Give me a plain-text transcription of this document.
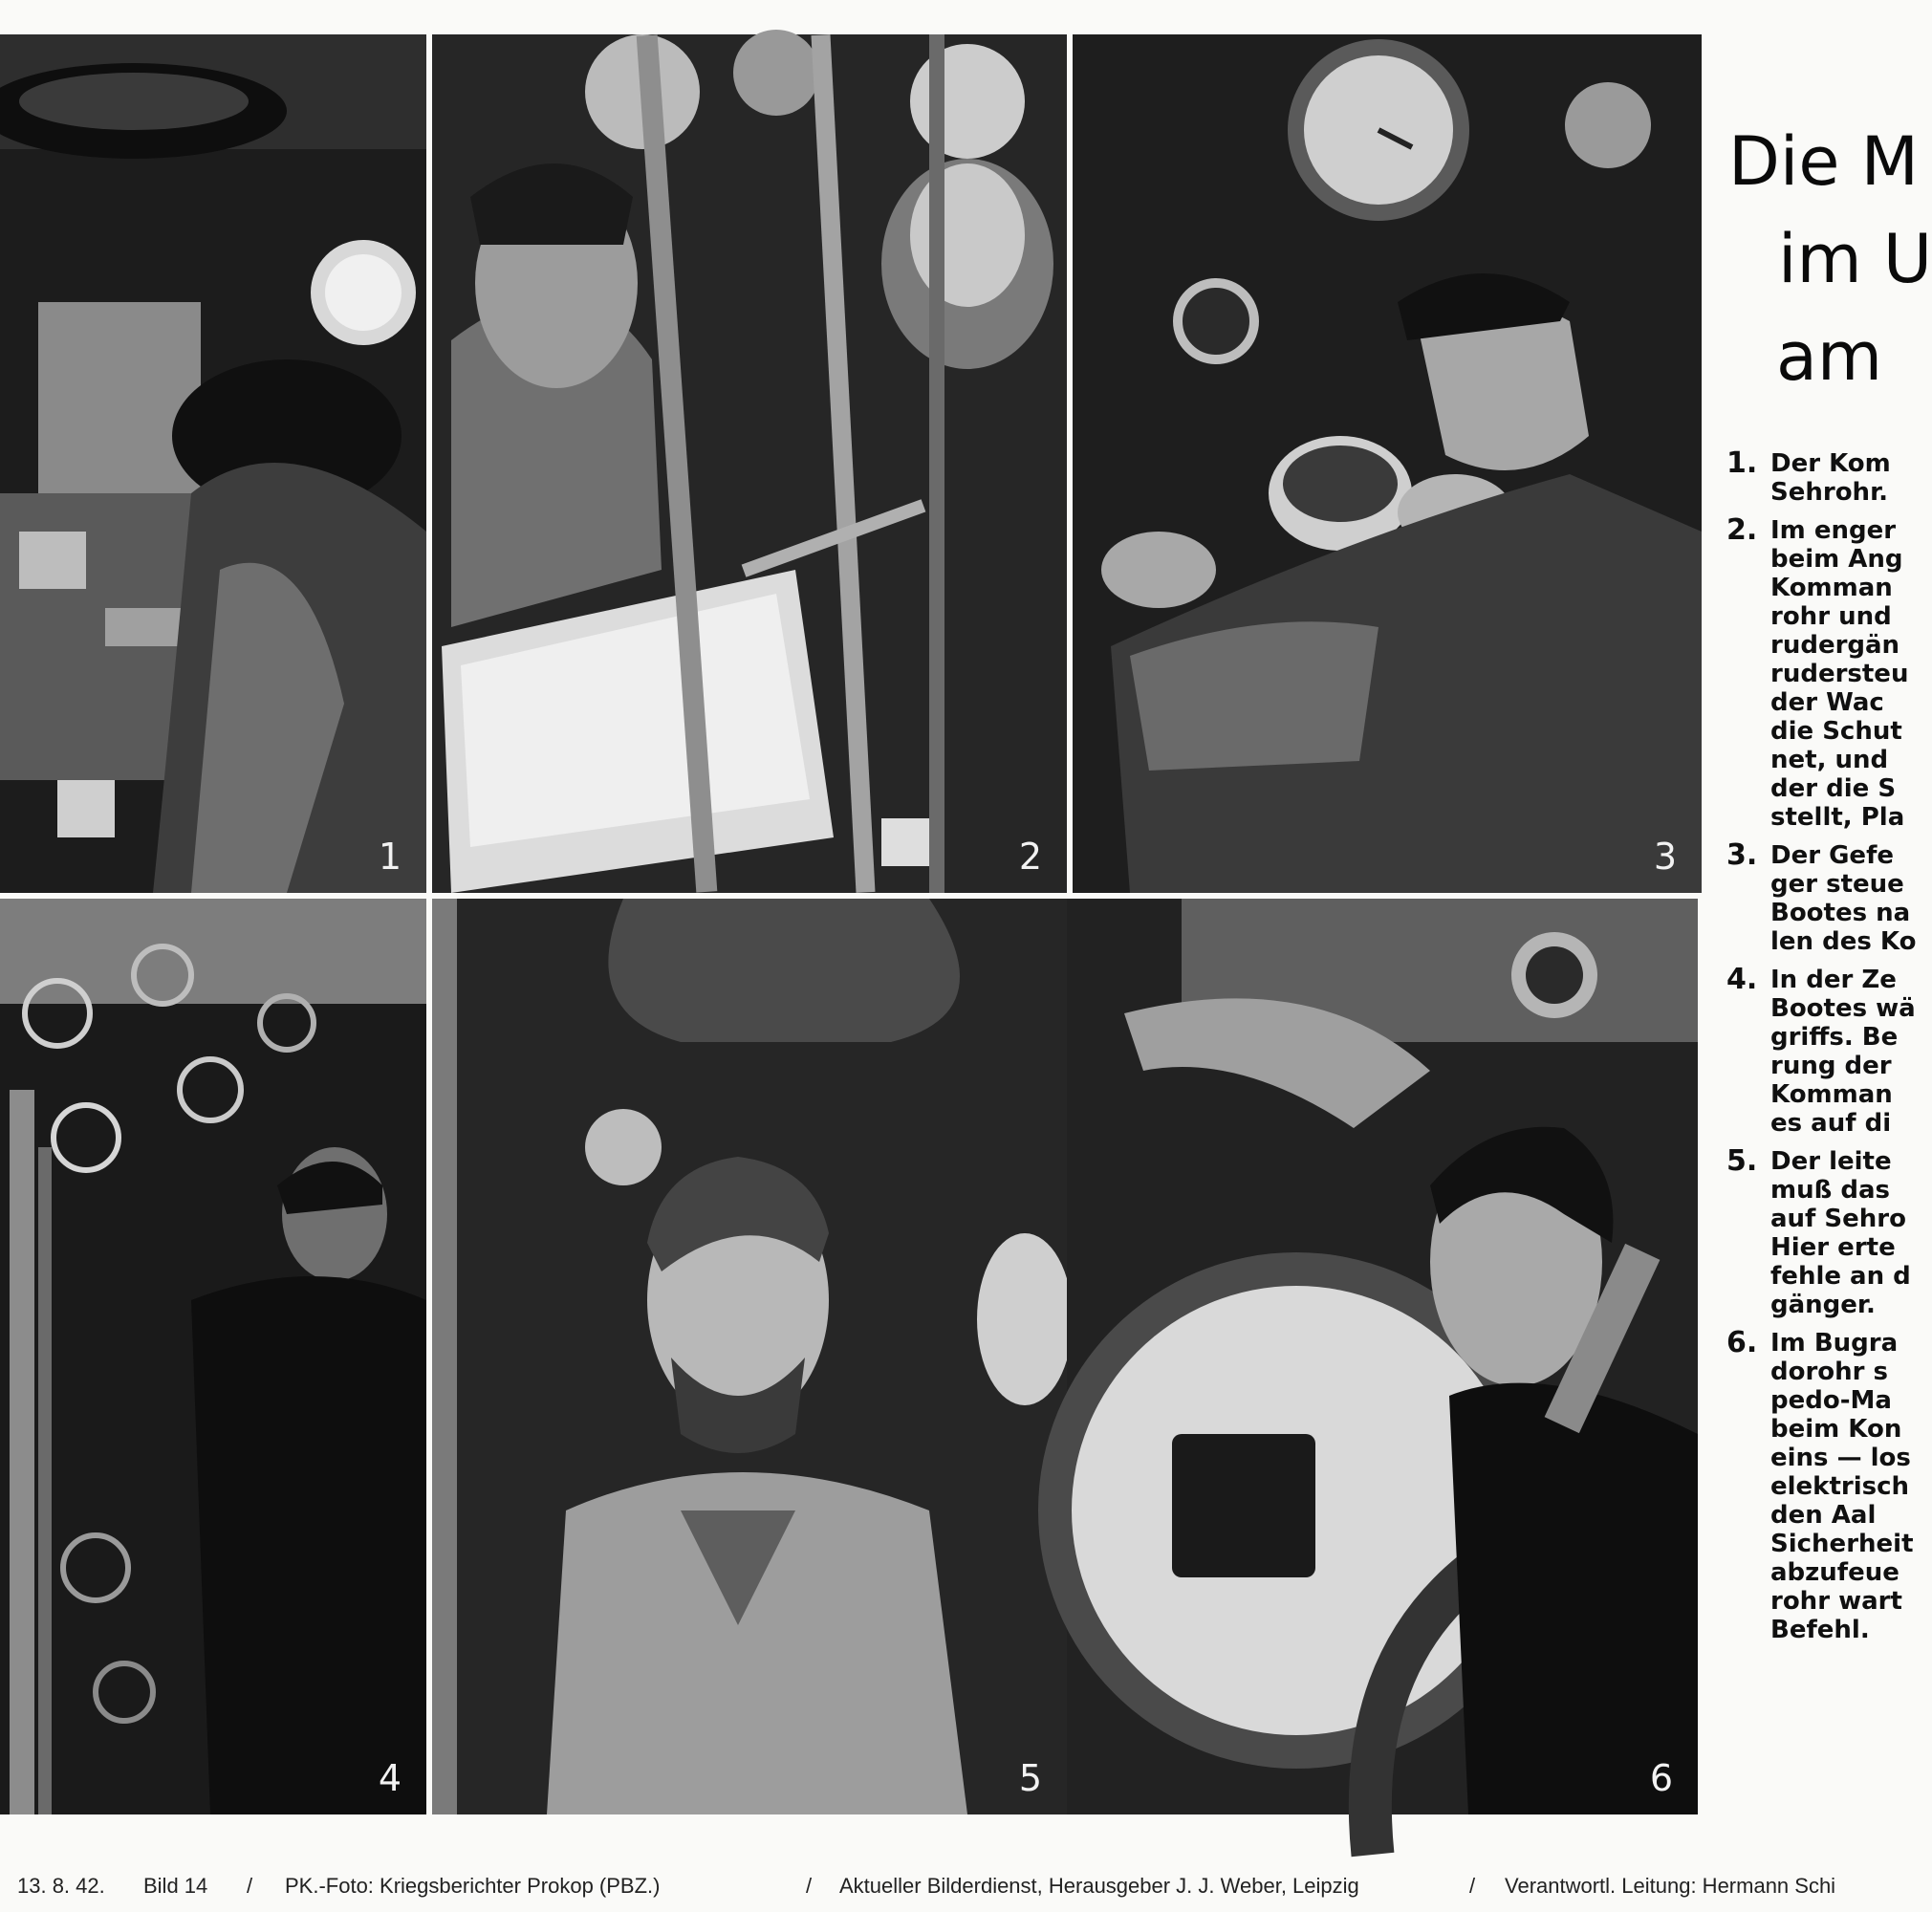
1	2	3
4	5	6
Die M
im U
am
1. Der Kom
Sehrohr.
2. Im enger
beim Ang
Komman
rohr und
rudergän
rudersteu
der Wac
die Schut
net, und
der die S
stellt, Pla
3. Der Gefe
ger steue
Bootes na
len des Ko
4. In der Ze
Bootes wä
griffs. Be
rung der
Komman
es auf di
5. Der leite
muß das
auf Sehro
Hier erte
fehle an d
gänger.
6. Im Bugra
dorohr s
pedo-Ma
beim Kon
eins — los
elektrisch
den Aal
Sicherheit
abzufeue
rohr wart
Befehl.
13. 8. 42. Bild 14 / PK.-Foto: Kriegsberichter Prokop (PBZ.)	/ Aktueller Bilderdienst, Herausgeber J. J. Weber, Leipzig	/ Verantwortl. Leitung: Hermann Schi
